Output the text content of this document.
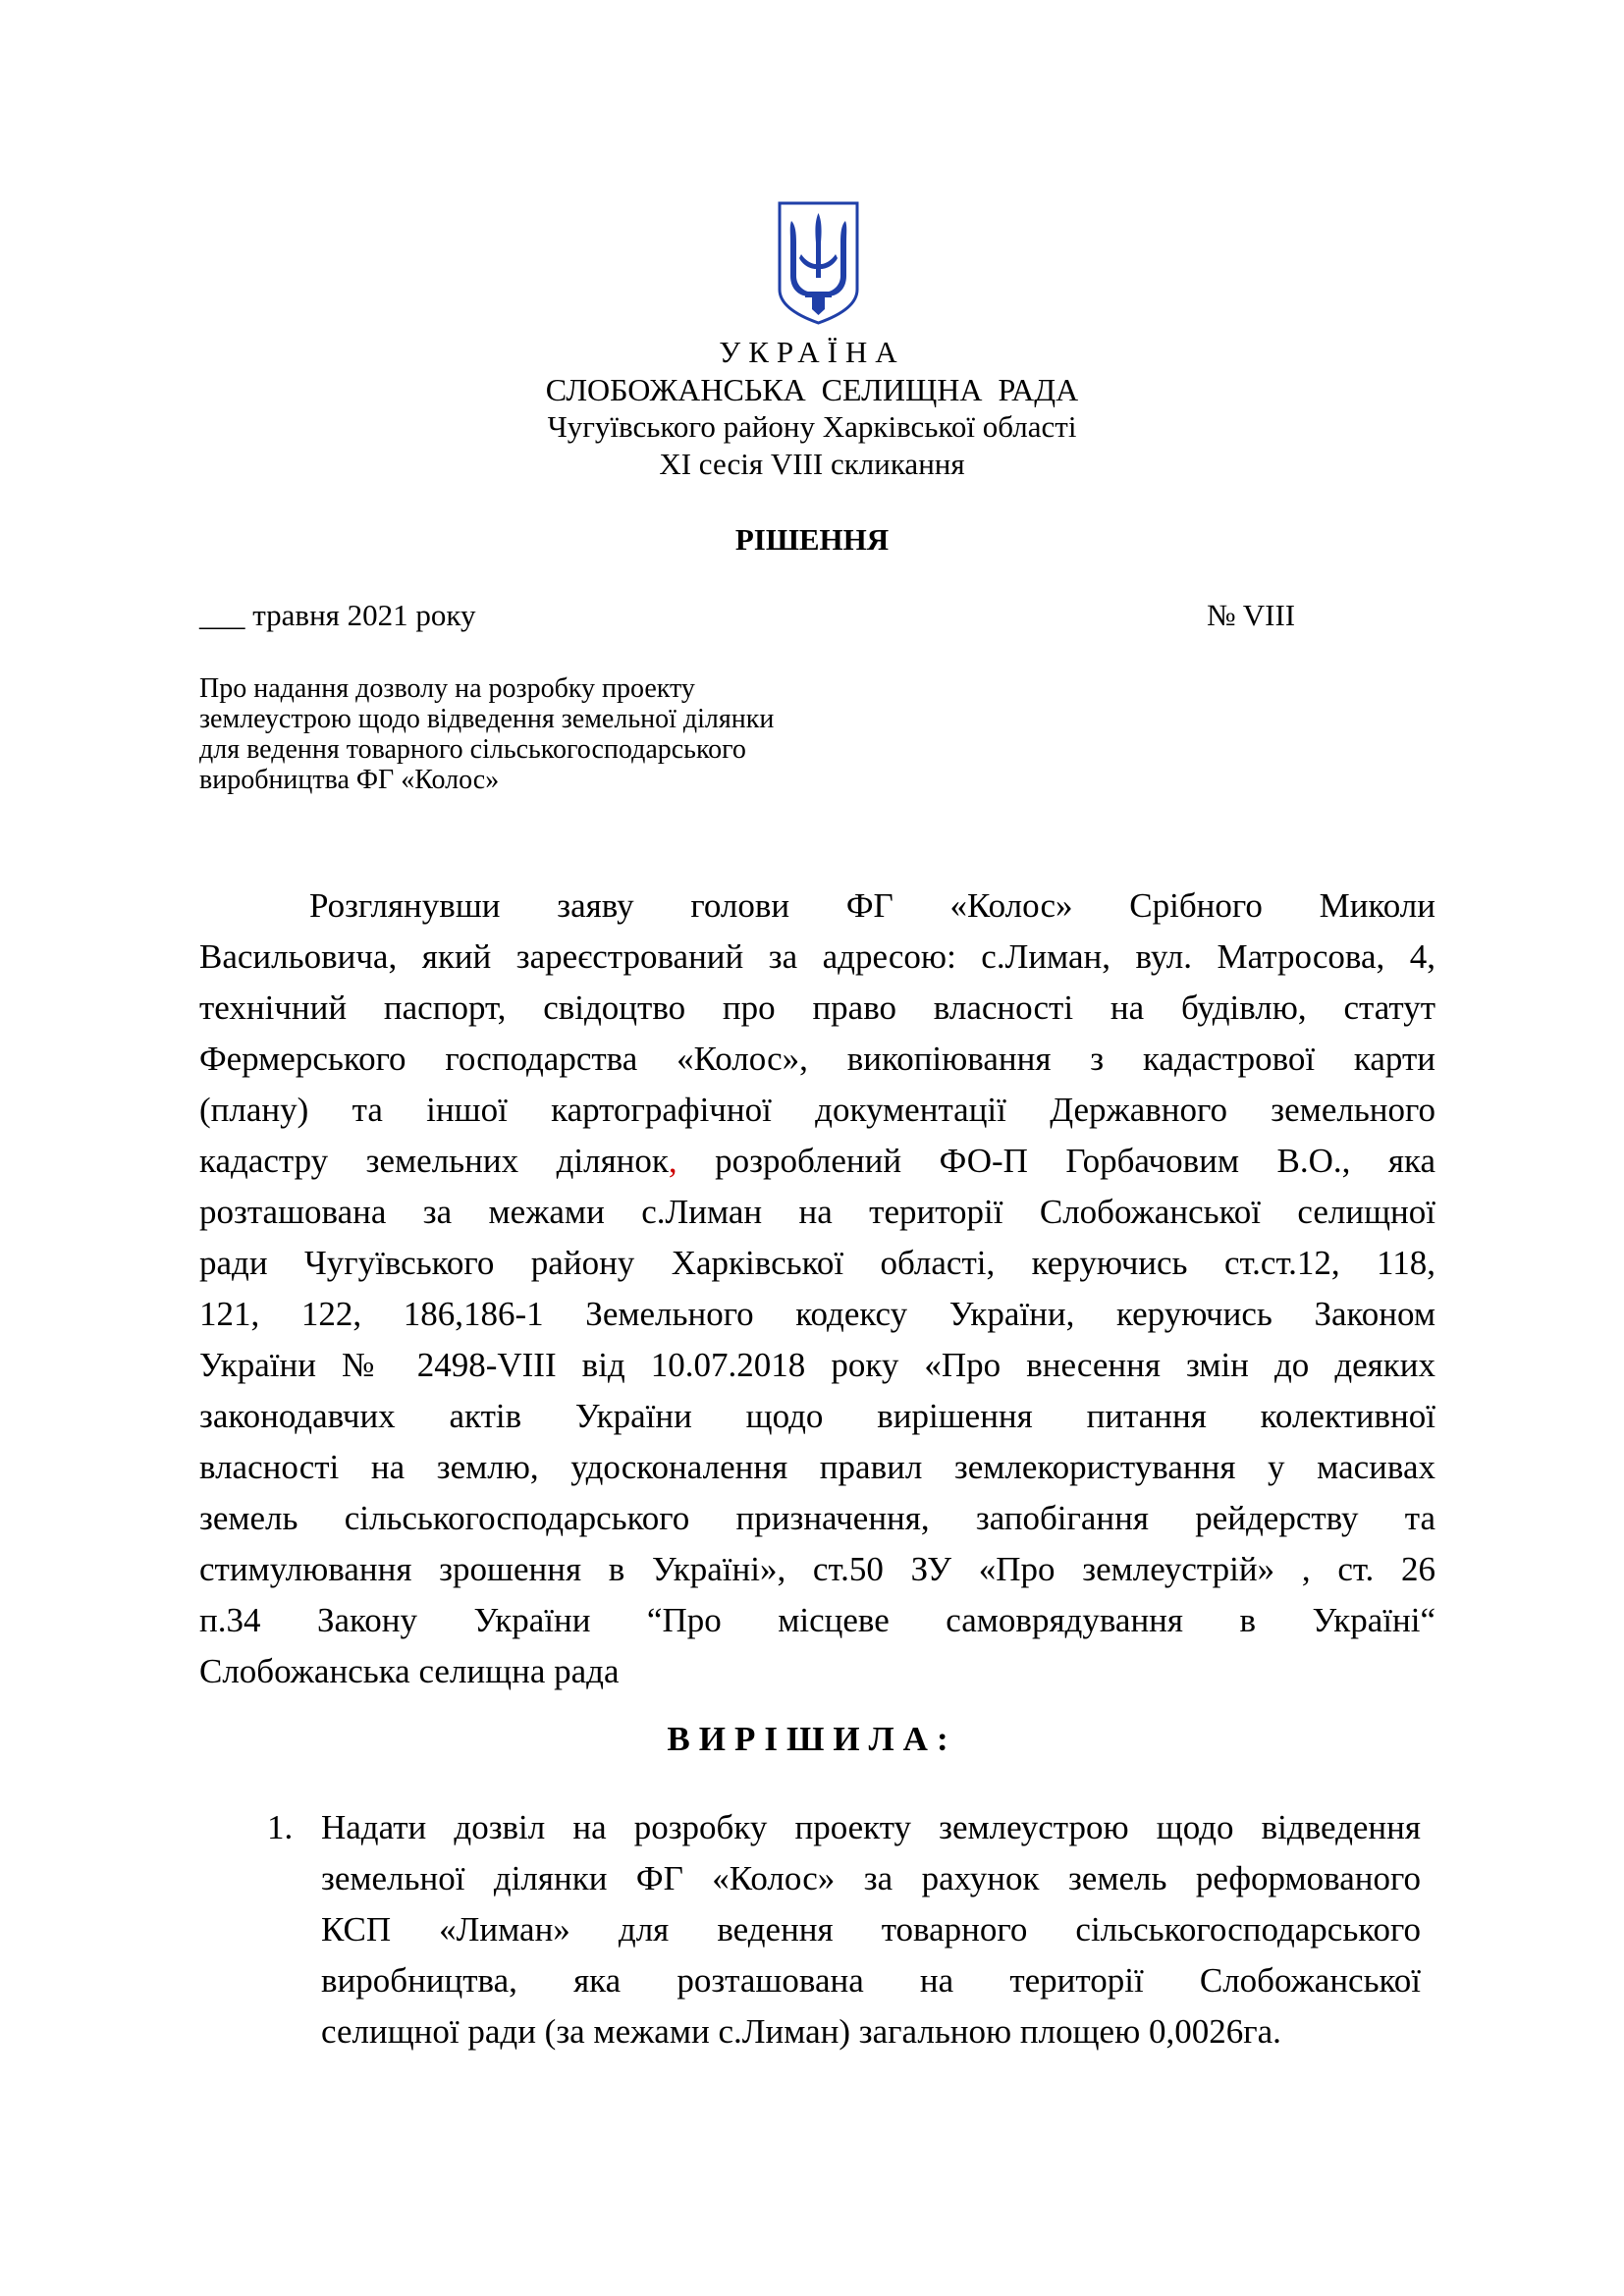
УКРАЇНА
СЛОБОЖАНСЬКА СЕЛИЩНА РАДА
Чугуївського району Харківської області
ХI сесія VIII скликання
РІШЕННЯ
___ травня 2021 року	№ VIII
Про надання дозволу на розробку проекту
землеустрою щодо відведення земельної ділянки
для ведення товарного сільськогосподарського
виробництва ФГ «Колос»
Розглянувши заяву голови ФГ «Колос» Срібного Миколи
Васильовича, який зареєстрований за адресою: с.Лиман, вул. Матросова, 4,
технічний паспорт, свідоцтво про право власності на будівлю, статут
Фермерського господарства «Колос», викопіювання з кадастрової карти
(плану) та іншої картографічної документації Державного земельного
кадастру земельних ділянок, розроблений ФО-П Горбачовим В.О., яка
розташована за межами с.Лиман на території Слобожанської селищної
ради Чугуївського району Харківської області, керуючись ст.ст.12, 118,
121, 122, 186,186-1 Земельного кодексу України, керуючись Законом
України № 2498-VIII від 10.07.2018 року «Про внесення змін до деяких
законодавчих актів України щодо вирішення питання колективної
власності на землю, удосконалення правил землекористування у масивах
земель сільськогосподарського призначення, запобігання рейдерству та
стимулювання зрошення в Україні», ст.50 ЗУ «Про землеустрій» , ст. 26
п.34 Закону України “Про місцеве самоврядування в Україні“
Слобожанська селищна рада
ВИРІШИЛА:
1. Надати дозвіл на розробку проекту землеустрою щодо відведення
земельної ділянки ФГ «Колос» за рахунок земель реформованого
КСП «Лиман» для ведення товарного сільськогосподарського
виробництва, яка розташована на території Слобожанської
селищної ради (за межами с.Лиман) загальною площею 0,0026га.
